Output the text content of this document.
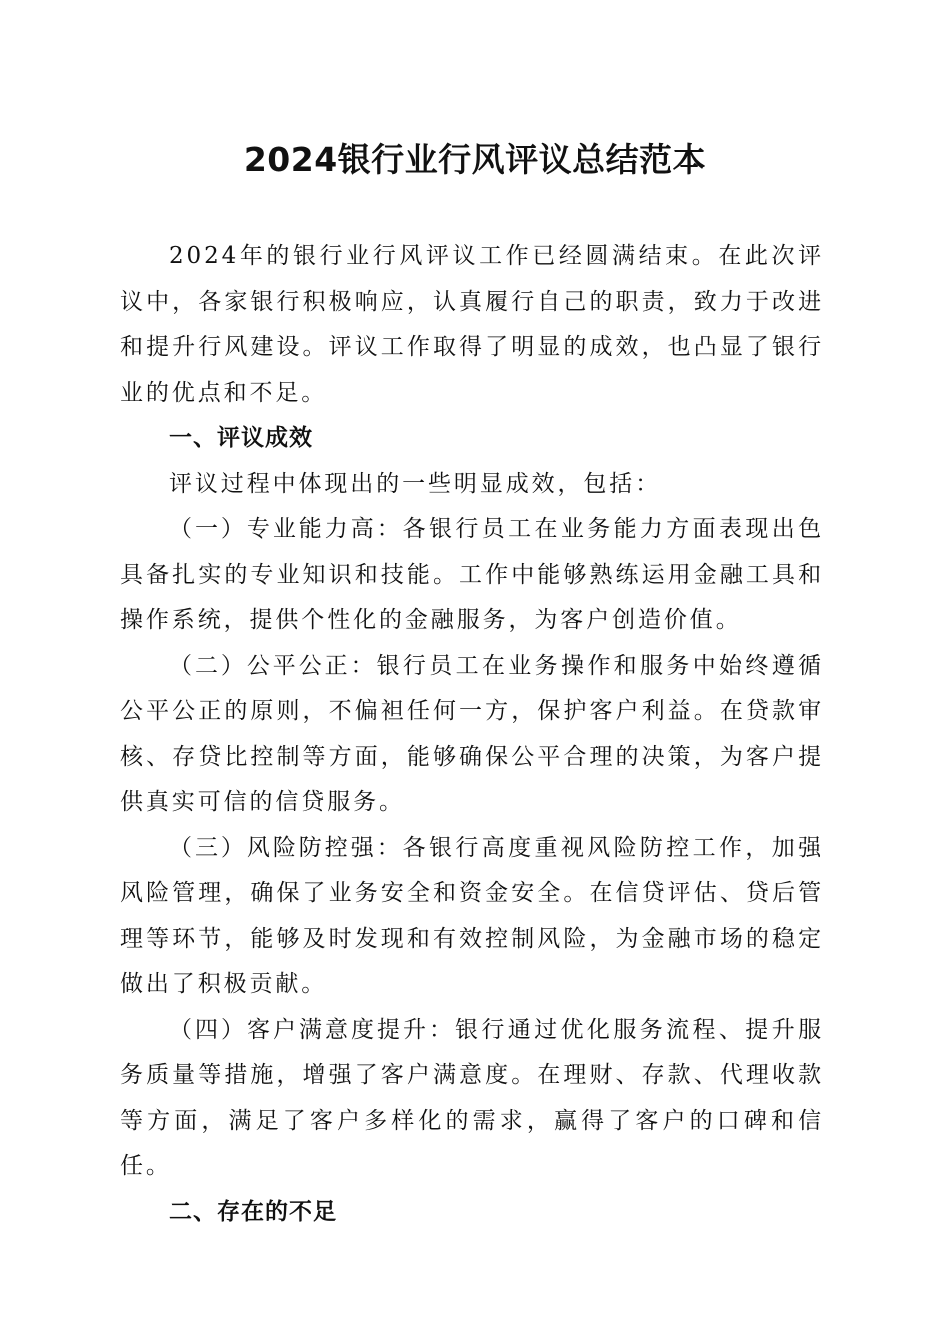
2024银行业行风评议总结范本

2024年的银行业行风评议工作已经圆满结束。在此次评议中，各家银行积极响应，认真履行自己的职责，致力于改进和提升行风建设。评议工作取得了明显的成效，也凸显了银行业的优点和不足。

一、评议成效

评议过程中体现出的一些明显成效，包括：

（一）专业能力高：各银行员工在业务能力方面表现出色具备扎实的专业知识和技能。工作中能够熟练运用金融工具和操作系统，提供个性化的金融服务，为客户创造价值。

（二）公平公正：银行员工在业务操作和服务中始终遵循公平公正的原则，不偏袒任何一方，保护客户利益。在贷款审核、存贷比控制等方面，能够确保公平合理的决策，为客户提供真实可信的信贷服务。

（三）风险防控强：各银行高度重视风险防控工作，加强风险管理，确保了业务安全和资金安全。在信贷评估、贷后管理等环节，能够及时发现和有效控制风险，为金融市场的稳定做出了积极贡献。

（四）客户满意度提升：银行通过优化服务流程、提升服务质量等措施，增强了客户满意度。在理财、存款、代理收款等方面，满足了客户多样化的需求，赢得了客户的口碑和信任。

二、存在的不足
